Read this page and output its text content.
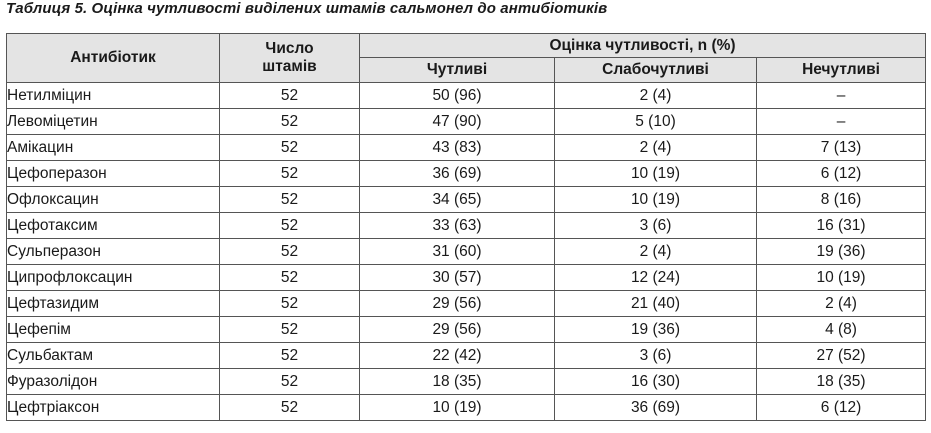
Таблиця 5. Оцінка чутливості виділених штамів сальмонел до антибіотиків
Антибіотик	Число штамів	Оцінка чутливості, n (%)		
		Чутливі	Слабочутливі	Нечутливі
Нетилміцин	52	50 (96)	2 (4)	–
Левоміцетин	52	47 (90)	5 (10)	–
Амікацин	52	43 (83)	2 (4)	7 (13)
Цефоперазон	52	36 (69)	10 (19)	6 (12)
Офлоксацин	52	34 (65)	10 (19)	8 (16)
Цефотаксим	52	33 (63)	3 (6)	16 (31)
Сульперазон	52	31 (60)	2 (4)	19 (36)
Ципрофлоксацин	52	30 (57)	12 (24)	10 (19)
Цефтазидим	52	29 (56)	21 (40)	2 (4)
Цефепім	52	29 (56)	19 (36)	4 (8)
Сульбактам	52	22 (42)	3 (6)	27 (52)
Фуразолідон	52	18 (35)	16 (30)	18 (35)
Цефтріаксон	52	10 (19)	36 (69)	6 (12)
